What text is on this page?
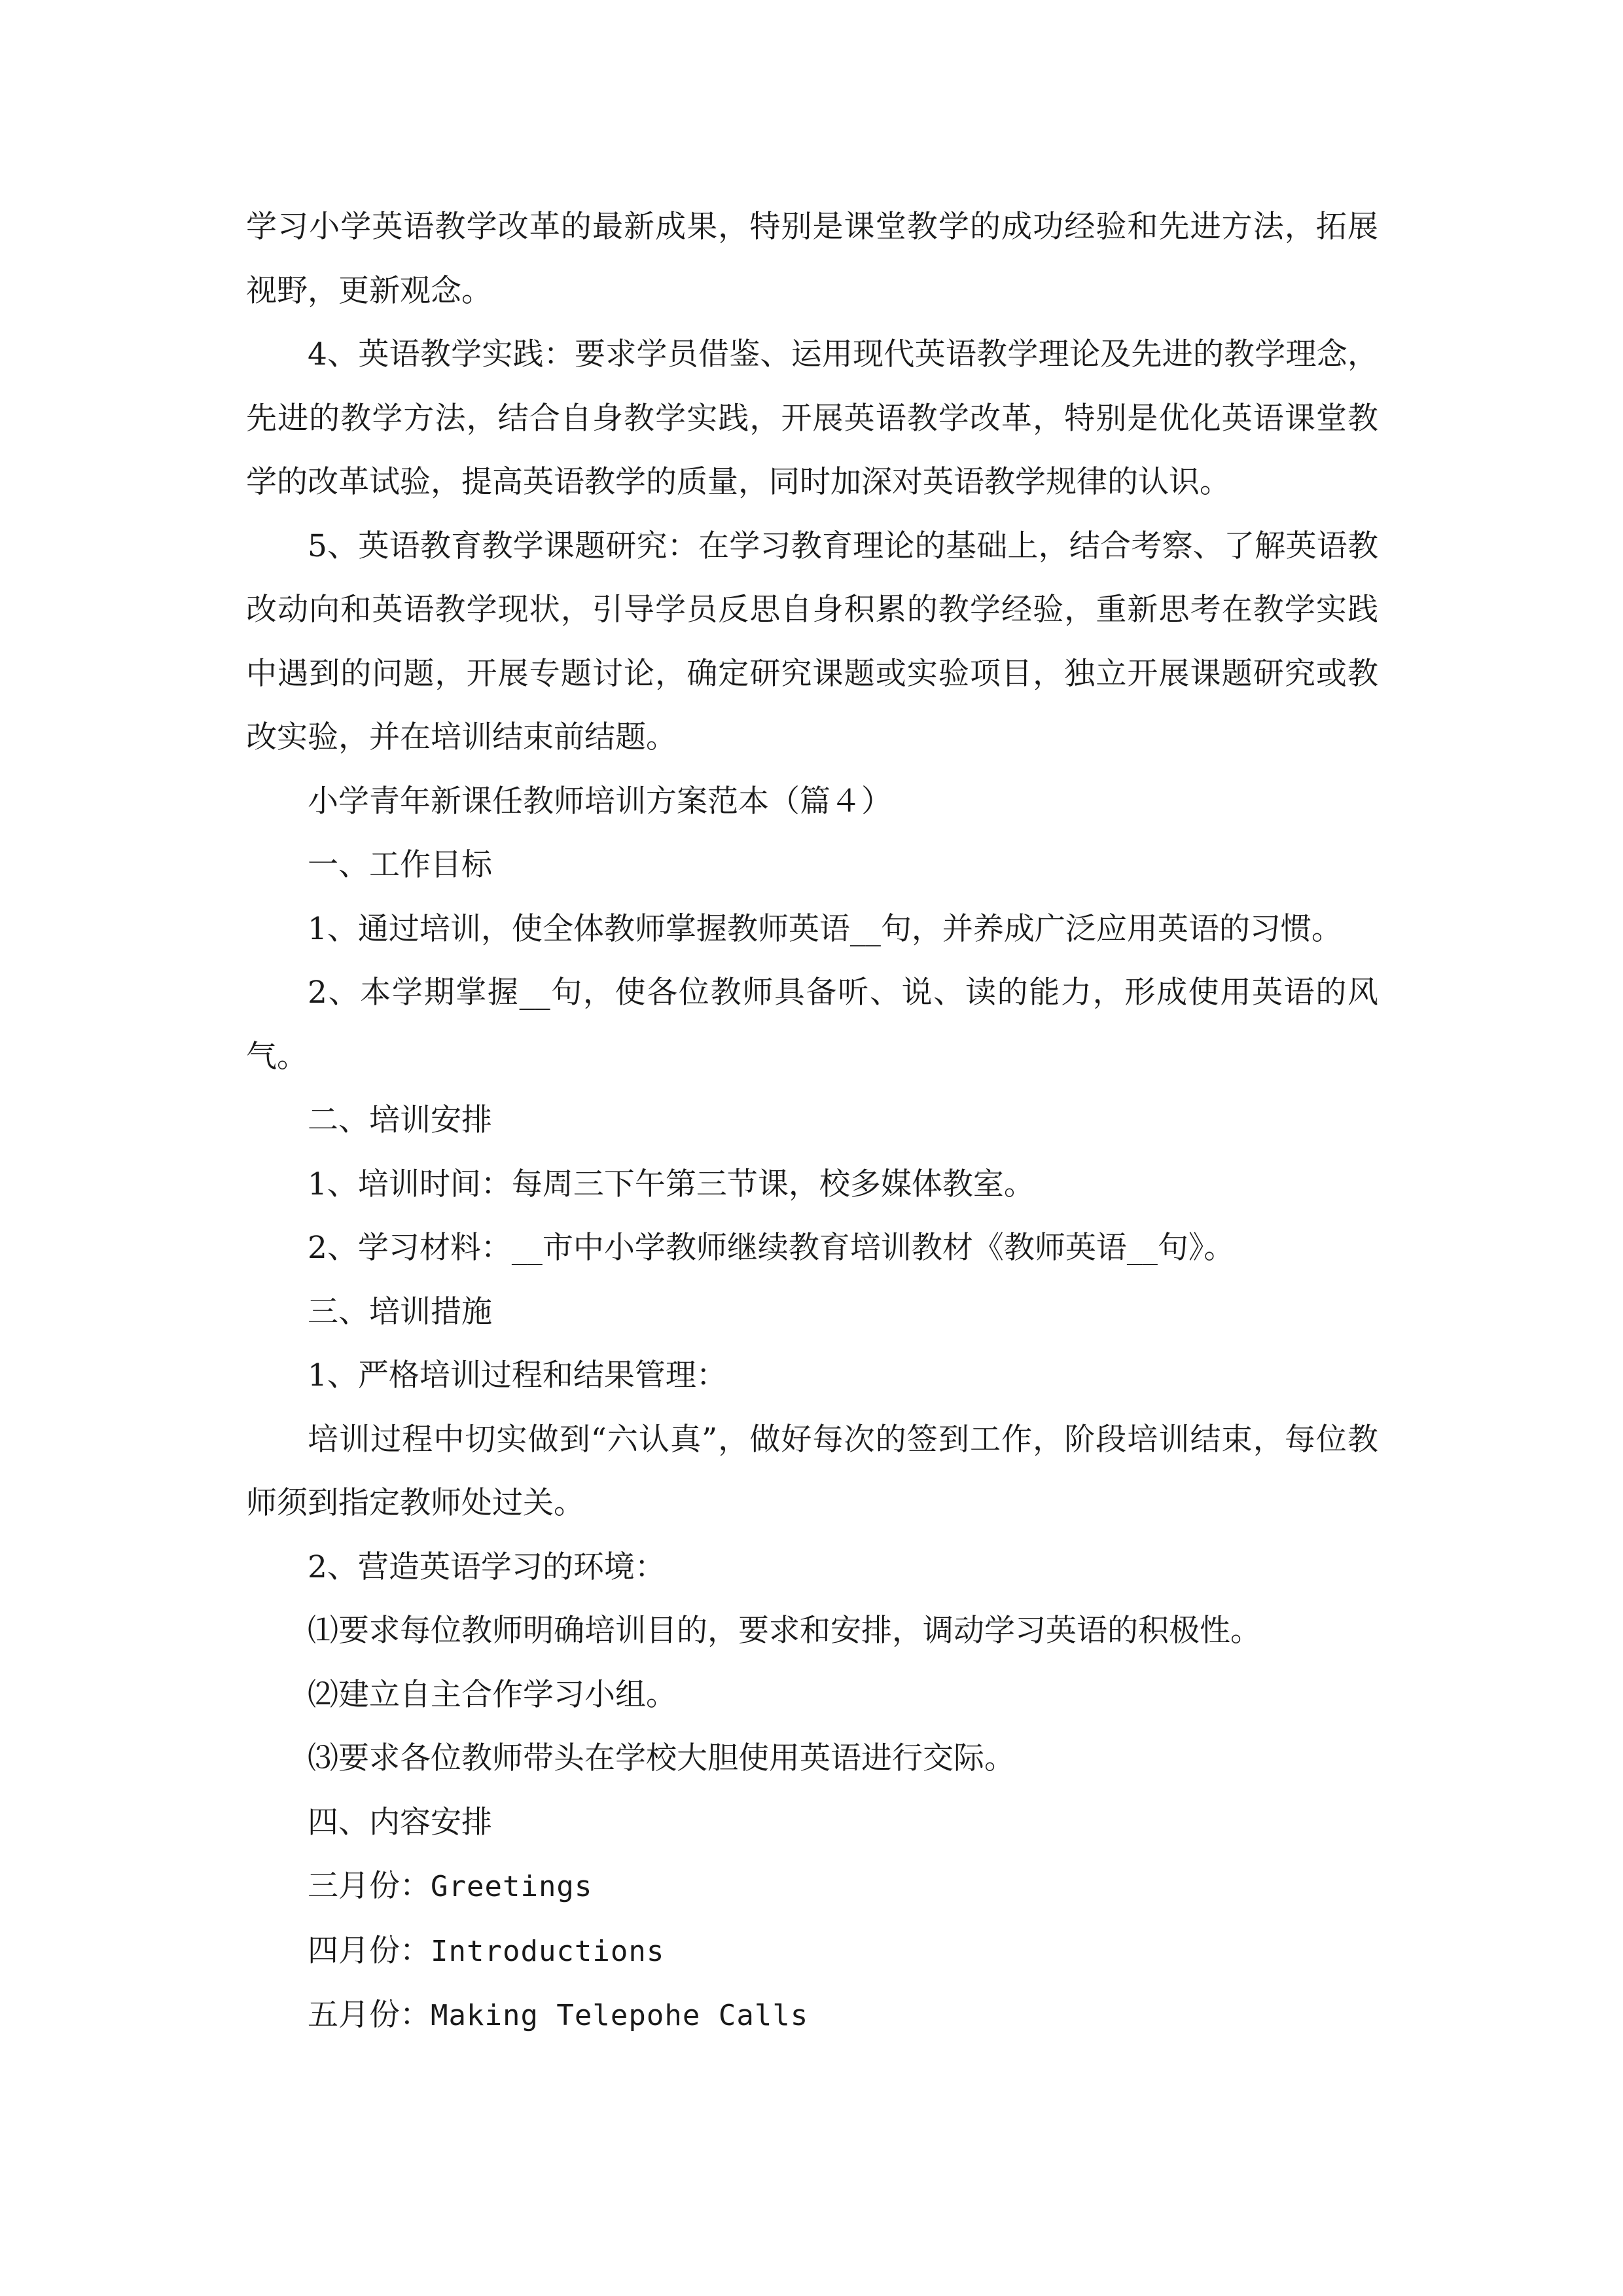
学习小学英语教学改革的最新成果，特别是课堂教学的成功经验和先进方法，拓展视野，更新观念。

4、英语教学实践：要求学员借鉴、运用现代英语教学理论及先进的教学理念，先进的教学方法，结合自身教学实践，开展英语教学改革，特别是优化英语课堂教学的改革试验，提高英语教学的质量，同时加深对英语教学规律的认识。

5、英语教育教学课题研究：在学习教育理论的基础上，结合考察、了解英语教改动向和英语教学现状，引导学员反思自身积累的教学经验，重新思考在教学实践中遇到的问题，开展专题讨论，确定研究课题或实验项目，独立开展课题研究或教改实验，并在培训结束前结题。

小学青年新课任教师培训方案范本（篇４）

一、工作目标

1、通过培训，使全体教师掌握教师英语__句，并养成广泛应用英语的习惯。

2、本学期掌握__句，使各位教师具备听、说、读的能力，形成使用英语的风气。

二、培训安排

1、培训时间：每周三下午第三节课，校多媒体教室。

2、学习材料：__市中小学教师继续教育培训教材《教师英语__句》。

三、培训措施

1、严格培训过程和结果管理：

培训过程中切实做到“六认真”，做好每次的签到工作，阶段培训结束，每位教师须到指定教师处过关。

2、营造英语学习的环境：

⑴要求每位教师明确培训目的，要求和安排，调动学习英语的积极性。

⑵建立自主合作学习小组。

⑶要求各位教师带头在学校大胆使用英语进行交际。

四、内容安排

三月份：Greetings

四月份：Introductions

五月份：Making Telepohe Calls
